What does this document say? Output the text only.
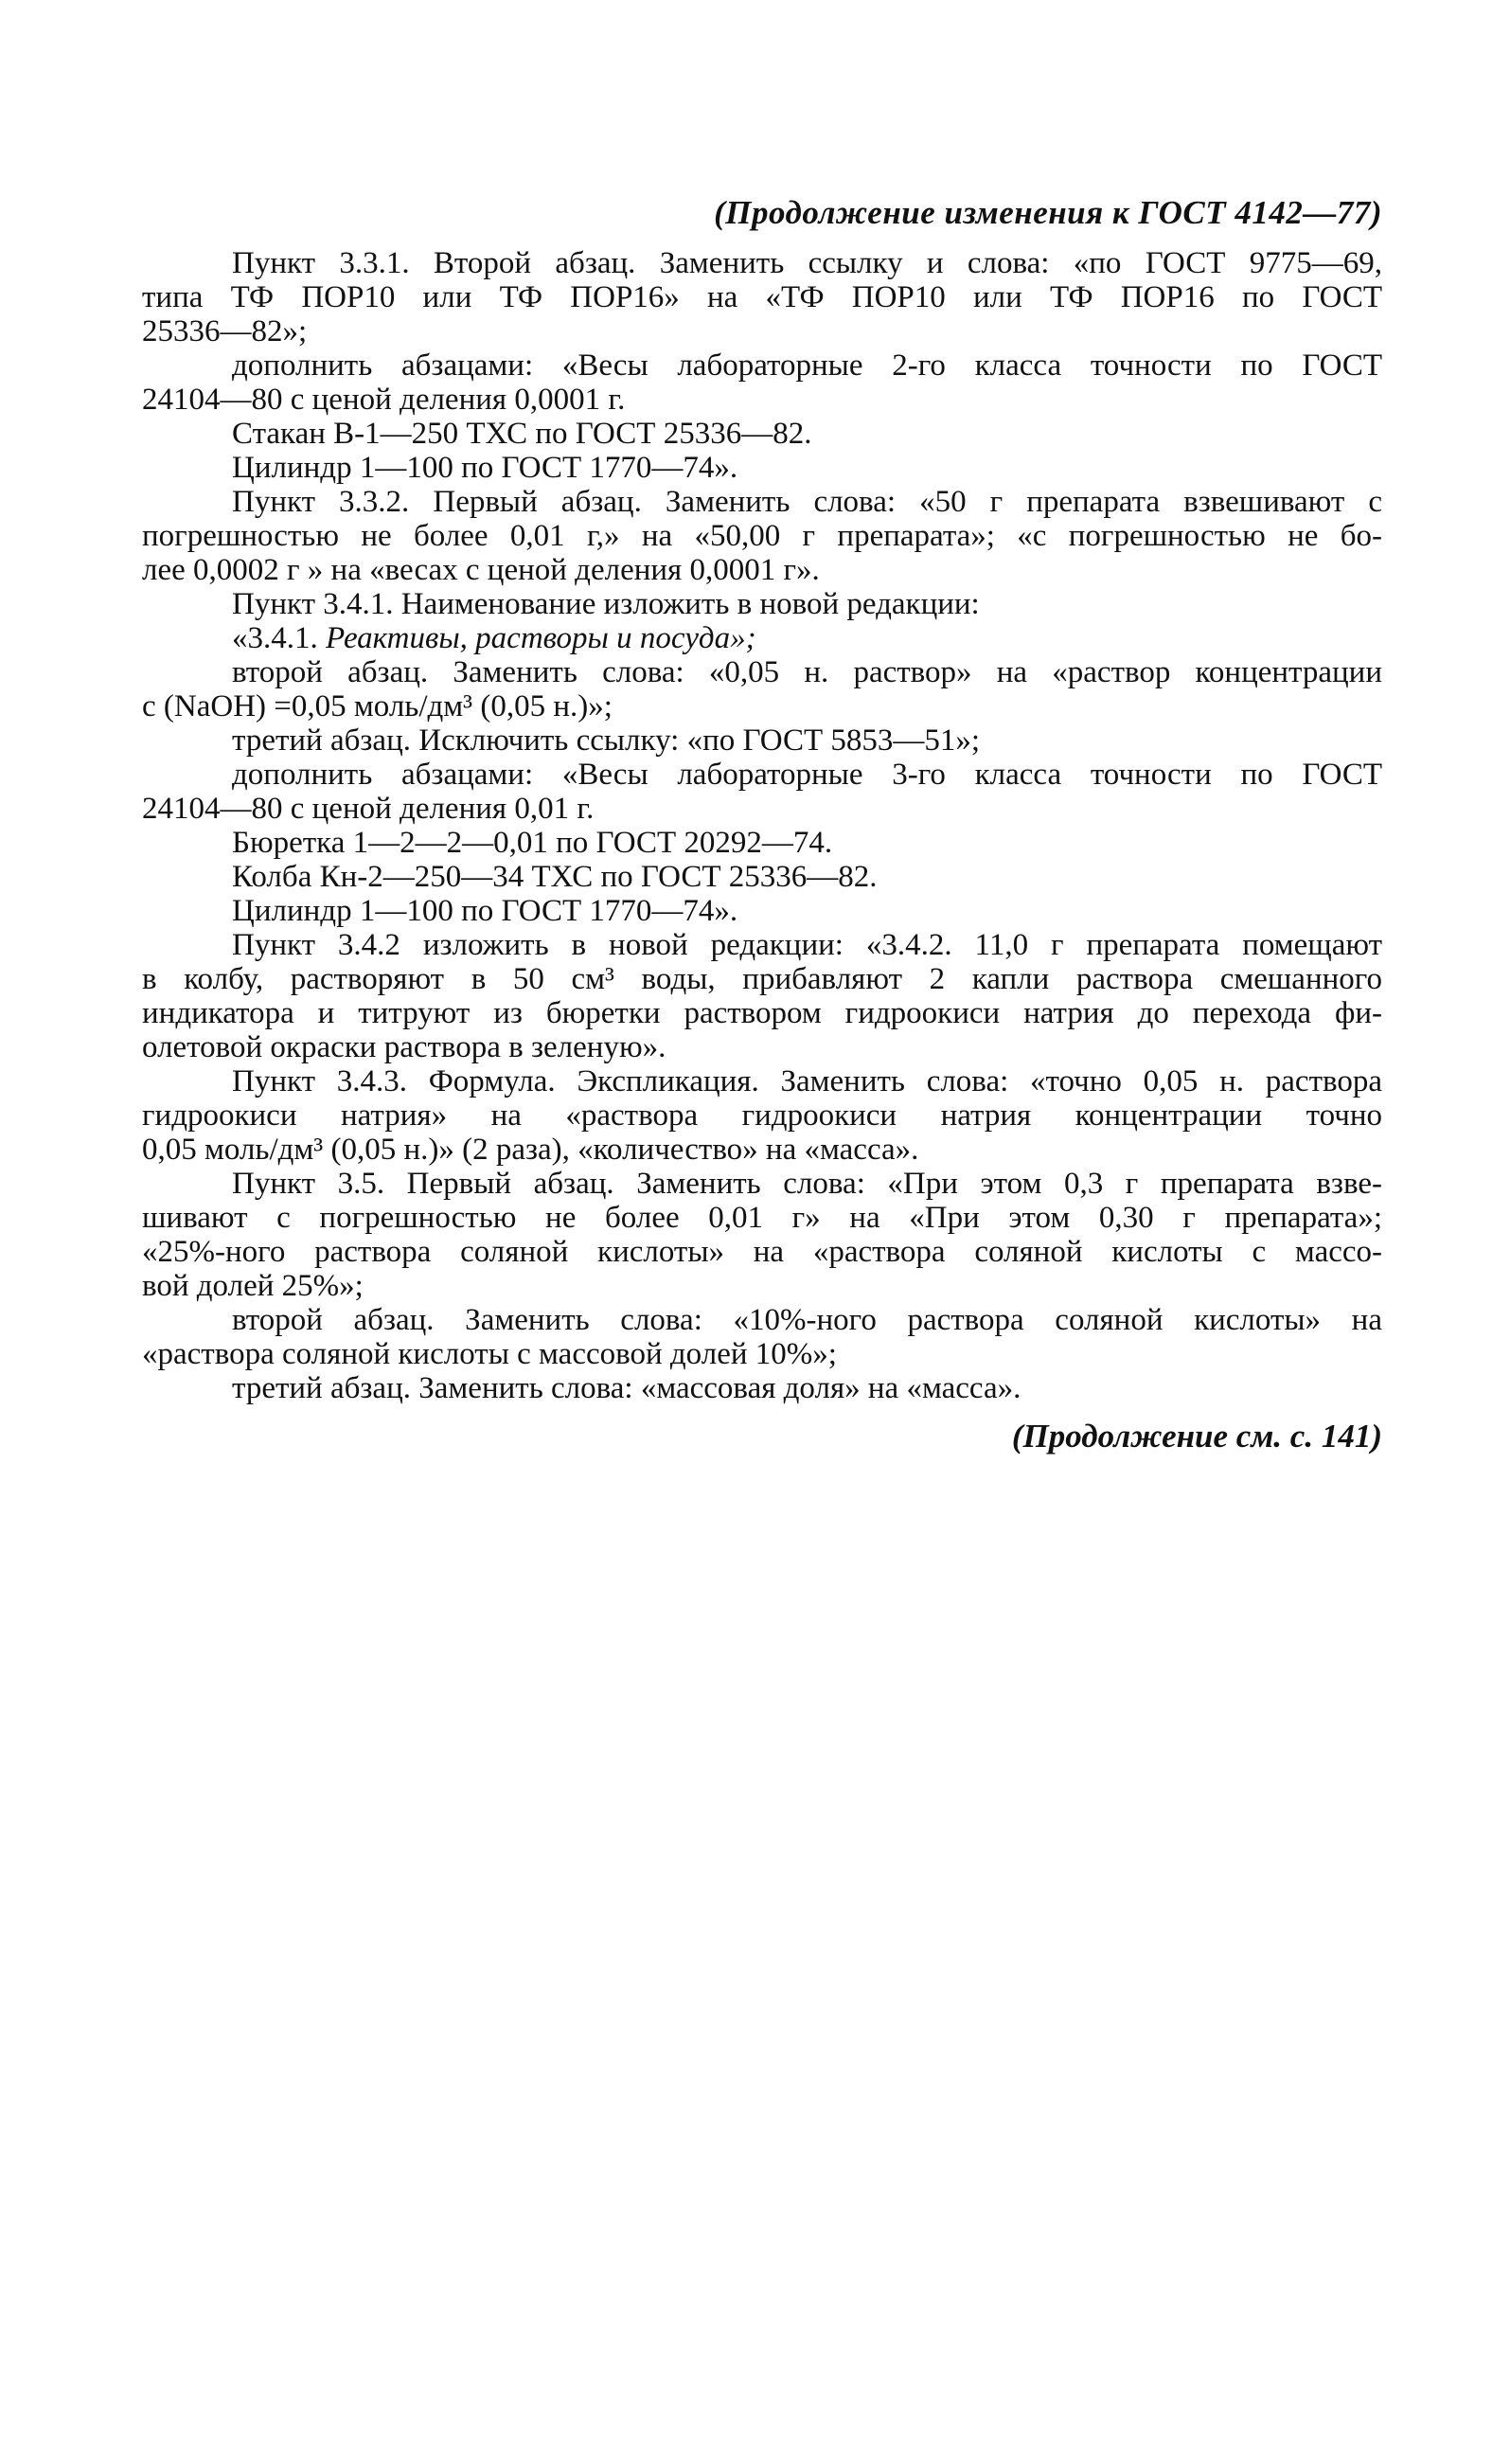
(Продолжение изменения к ГОСТ 4142—77)
Пункт 3.3.1. Второй абзац. Заменить ссылку и слова: «по ГОСТ 9775—69,
типа ТФ ПОР10 или ТФ ПОР16» на «ТФ ПОР10 или ТФ ПОР16 по ГОСТ
25336—82»;
дополнить абзацами: «Весы лабораторные 2-го класса точности по ГОСТ
24104—80 с ценой деления 0,0001 г.
Стакан В-1—250 ТХС по ГОСТ 25336—82.
Цилиндр 1—100 по ГОСТ 1770—74».
Пункт 3.3.2. Первый абзац. Заменить слова: «50 г препарата взвешивают с
погрешностью не более 0,01 г,» на «50,00 г препарата»; «с погрешностью не бо-
лее 0,0002 г » на «весах с ценой деления 0,0001 г».
Пункт 3.4.1. Наименование изложить в новой редакции:
«3.4.1. Реактивы, растворы и посуда»;
второй абзац. Заменить слова: «0,05 н. раствор» на «раствор концентрации
c (NaOH) =0,05 моль/дм³ (0,05 н.)»;
третий абзац. Исключить ссылку: «по ГОСТ 5853—51»;
дополнить абзацами: «Весы лабораторные 3-го класса точности по ГОСТ
24104—80 с ценой деления 0,01 г.
Бюретка 1—2—2—0,01 по ГОСТ 20292—74.
Колба Кн-2—250—34 ТХС по ГОСТ 25336—82.
Цилиндр 1—100 по ГОСТ 1770—74».
Пункт 3.4.2 изложить в новой редакции: «3.4.2. 11,0 г препарата помещают
в колбу, растворяют в 50 см³ воды, прибавляют 2 капли раствора смешанного
индикатора и титруют из бюретки раствором гидроокиси натрия до перехода фи-
олетовой окраски раствора в зеленую».
Пункт 3.4.3. Формула. Экспликация. Заменить слова: «точно 0,05 н. раствора
гидроокиси натрия» на «раствора гидроокиси натрия концентрации точно
0,05 моль/дм³ (0,05 н.)» (2 раза), «количество» на «масса».
Пункт 3.5. Первый абзац. Заменить слова: «При этом 0,3 г препарата взве-
шивают с погрешностью не более 0,01 г» на «При этом 0,30 г препарата»;
«25%-ного раствора соляной кислоты» на «раствора соляной кислоты с массо-
вой долей 25%»;
второй абзац. Заменить слова: «10%-ного раствора соляной кислоты» на
«раствора соляной кислоты с массовой долей 10%»;
третий абзац. Заменить слова: «массовая доля» на «масса».
(Продолжение см. с. 141)
